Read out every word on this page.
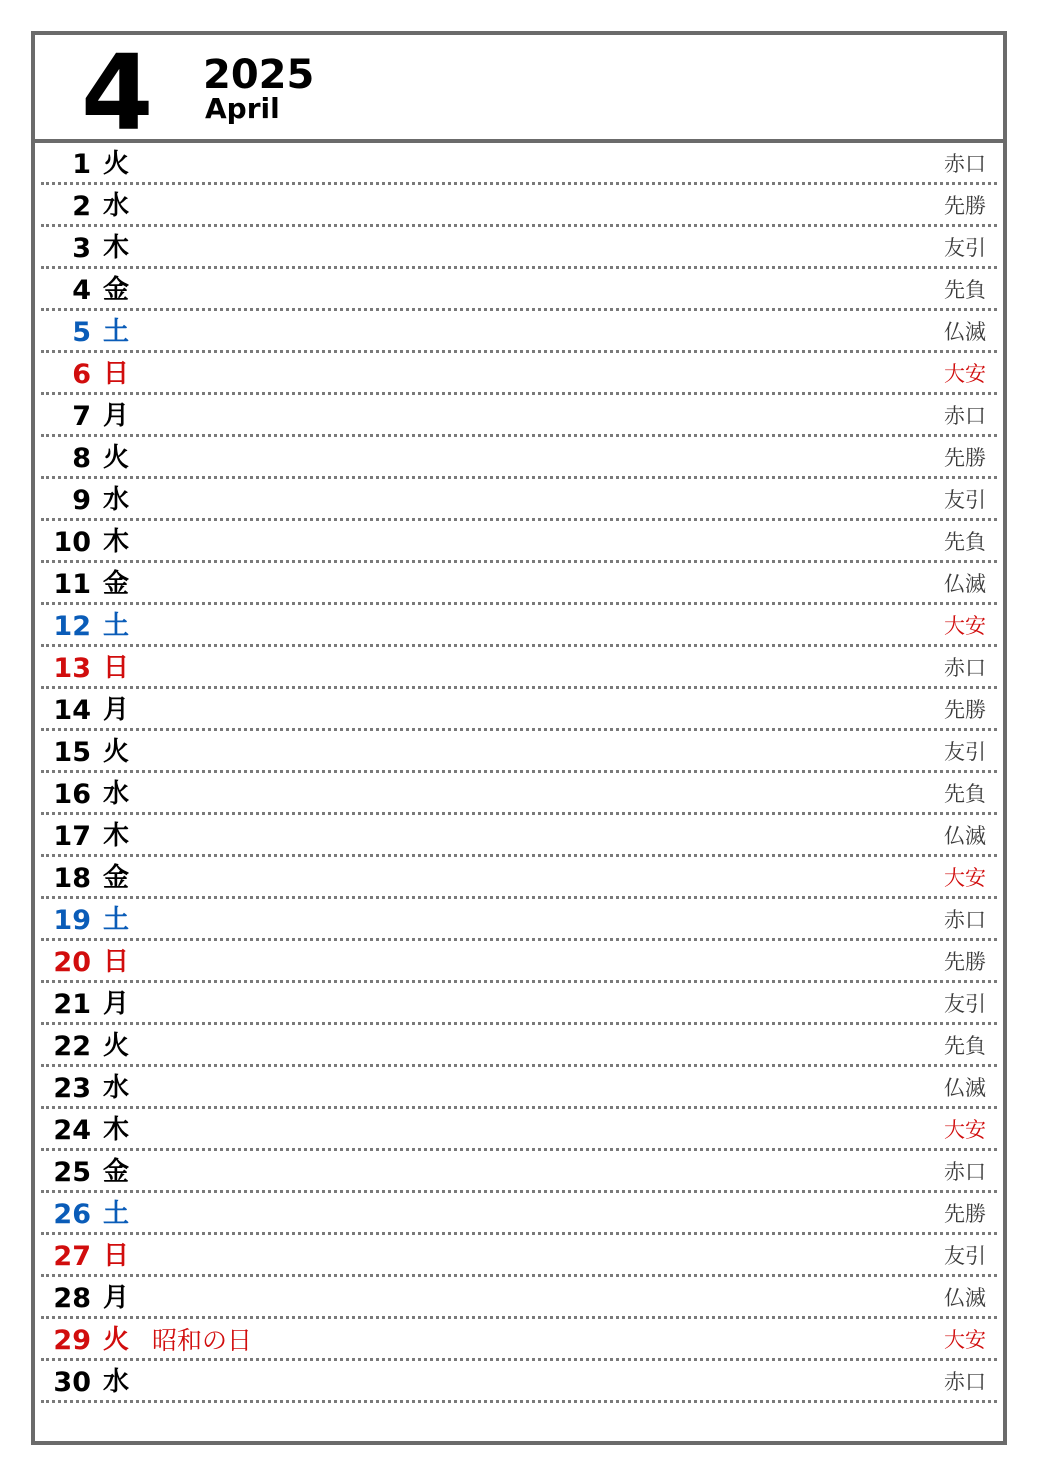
4 2025
April
1 火	赤口
2 水	先勝
3 木	友引
4 金	先負
5 土	仏滅
6 日	大安
7 月	赤口
8 火	先勝
9 水	友引
10 木	先負
11 金	仏滅
12 土	大安
13 日	赤口
14 月	先勝
15 火	友引
16 水	先負
17 木	仏滅
18 金	大安
19 土	赤口
20 日	先勝
21 月	友引
22 火	先負
23 水	仏滅
24 木	大安
25 金	赤口
26 土	先勝
27 日	友引
28 月	仏滅
29 火 昭和の日	大安
30 水	赤口
